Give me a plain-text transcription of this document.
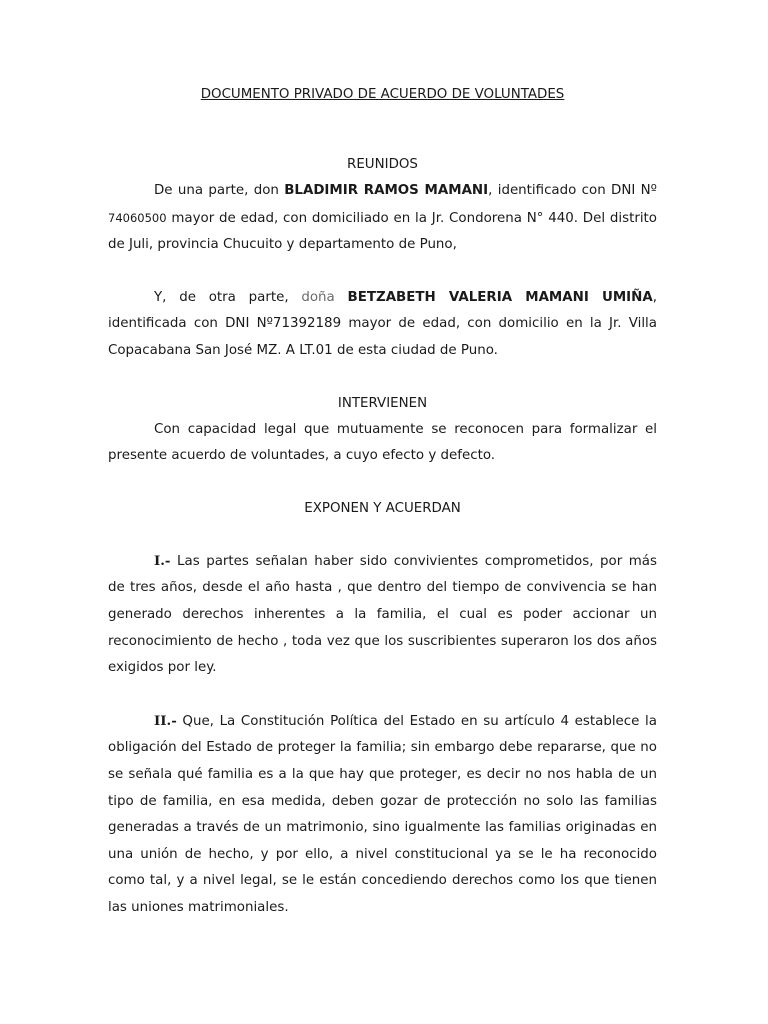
DOCUMENTO PRIVADO DE ACUERDO DE VOLUNTADES
REUNIDOS

De una parte, don BLADIMIR RAMOS MAMANI, identificado con DNI Nº 74060500 mayor de edad, con domiciliado en la Jr. Condorena N° 440. Del distrito de Juli, provincia Chucuito y departamento de Puno,

Y, de otra parte, doña BETZABETH VALERIA MAMANI UMIÑA, identificada con DNI Nº71392189 mayor de edad, con domicilio en la Jr. Villa Copacabana San José MZ. A LT.01 de esta ciudad de Puno.

INTERVIENEN

Con capacidad legal que mutuamente se reconocen para formalizar el presente acuerdo de voluntades, a cuyo efecto y defecto.

EXPONEN Y ACUERDAN

I.- Las partes señalan haber sido convivientes comprometidos, por más de tres años, desde el año hasta , que dentro del tiempo de convivencia se han generado derechos inherentes a la familia, el cual es poder accionar un reconocimiento de hecho , toda vez que los suscribientes superaron los dos años exigidos por ley.

II.- Que, La Constitución Política del Estado en su artículo 4 establece la obligación del Estado de proteger la familia; sin embargo debe repararse, que no se señala qué familia es a la que hay que proteger, es decir no nos habla de un tipo de familia, en esa medida, deben gozar de protección no solo las familias generadas a través de un matrimonio, sino igualmente las familias originadas en una unión de hecho, y por ello, a nivel constitucional ya se le ha reconocido como tal, y a nivel legal, se le están concediendo derechos como los que tienen las uniones matrimoniales.
